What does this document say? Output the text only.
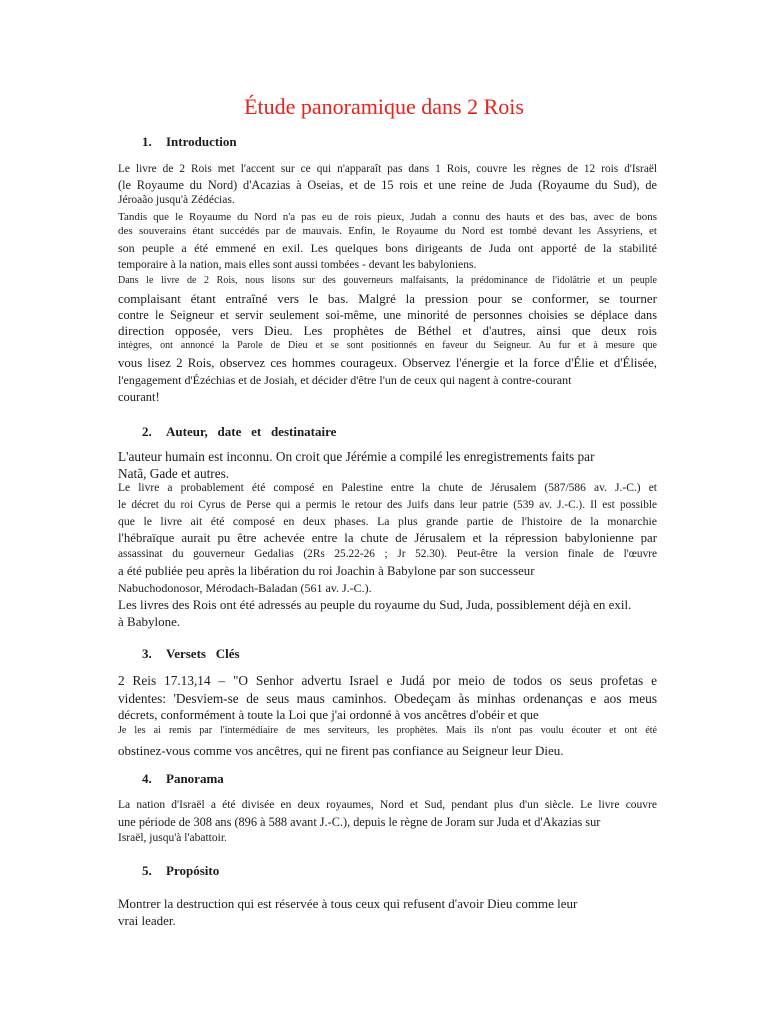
Étude panoramique dans 2 Rois
1. Introduction

Le livre de 2 Rois met l'accent sur ce qui n'apparaît pas dans 1 Rois, couvre les règnes de 12 rois d'Israël

(le Royaume du Nord) d'Acazias à Oseias, et de 15 rois et une reine de Juda (Royaume du Sud), de

Jéroaão jusqu'à Zédécias.

Tandis que le Royaume du Nord n'a pas eu de rois pieux, Judah a connu des hauts et des bas, avec de bons

des souverains étant succédés par de mauvais. Enfin, le Royaume du Nord est tombé devant les Assyriens, et

son peuple a été emmené en exil. Les quelques bons dirigeants de Juda ont apporté de la stabilité

temporaire à la nation, mais elles sont aussi tombées - devant les babyloniens.

Dans le livre de 2 Rois, nous lisons sur des gouverneurs malfaisants, la prédominance de l'idolâtrie et un peuple

complaisant étant entraîné vers le bas. Malgré la pression pour se conformer, se tourner

contre le Seigneur et servir seulement soi-même, une minorité de personnes choisies se déplace dans

direction opposée, vers Dieu. Les prophètes de Béthel et d'autres, ainsi que deux rois

intègres, ont annoncé la Parole de Dieu et se sont positionnés en faveur du Seigneur. Au fur et à mesure que

vous lisez 2 Rois, observez ces hommes courageux. Observez l'énergie et la force d'Élie et d'Élisée,

l'engagement d'Ézéchias et de Josiah, et décider d'être l'un de ceux qui nagent à contre-courant

courant!

2. Auteur,   date   et   destinataire

L'auteur humain est inconnu. On croit que Jérémie a compilé les enregistrements faits par

Natã, Gade et autres.

Le livre a probablement été composé en Palestine entre la chute de Jérusalem (587/586 av. J.-C.) et

le décret du roi Cyrus de Perse qui a permis le retour des Juifs dans leur patrie (539 av. J.-C.). Il est possible

que le livre ait été composé en deux phases. La plus grande partie de l'histoire de la monarchie

l'hébraïque aurait pu être achevée entre la chute de Jérusalem et la répression babylonienne par

assassinat du gouverneur Gedalias (2Rs 25.22-26 ; Jr 52.30). Peut-être la version finale de l'œuvre

a été publiée peu après la libération du roi Joachin à Babylone par son successeur

Nabuchodonosor, Mérodach-Baladan (561 av. J.-C.).

Les livres des Rois ont été adressés au peuple du royaume du Sud, Juda, possiblement déjà en exil.

à Babylone.

3. Versets   Clés

2 Reis 17.13,14 – "O Senhor advertu Israel e Judá por meio de todos os seus profetas e

videntes: 'Desviem-se de seus maus caminhos. Obedeçam às minhas ordenanças e aos meus

décrets, conformément à toute la Loi que j'ai ordonné à vos ancêtres d'obéir et que

Je les ai remis par l'intermédiaire de mes serviteurs, les prophètes. Mais ils n'ont pas voulu écouter et ont été

obstinez-vous comme vos ancêtres, qui ne firent pas confiance au Seigneur leur Dieu.

4. Panorama

La nation d'Israël a été divisée en deux royaumes, Nord et Sud, pendant plus d'un siècle. Le livre couvre

une période de 308 ans (896 à 588 avant J.-C.), depuis le règne de Joram sur Juda et d'Akazias sur

Israël, jusqu'à l'abattoir.

5. Propósito

Montrer la destruction qui est réservée à tous ceux qui refusent d'avoir Dieu comme leur

vrai leader.
